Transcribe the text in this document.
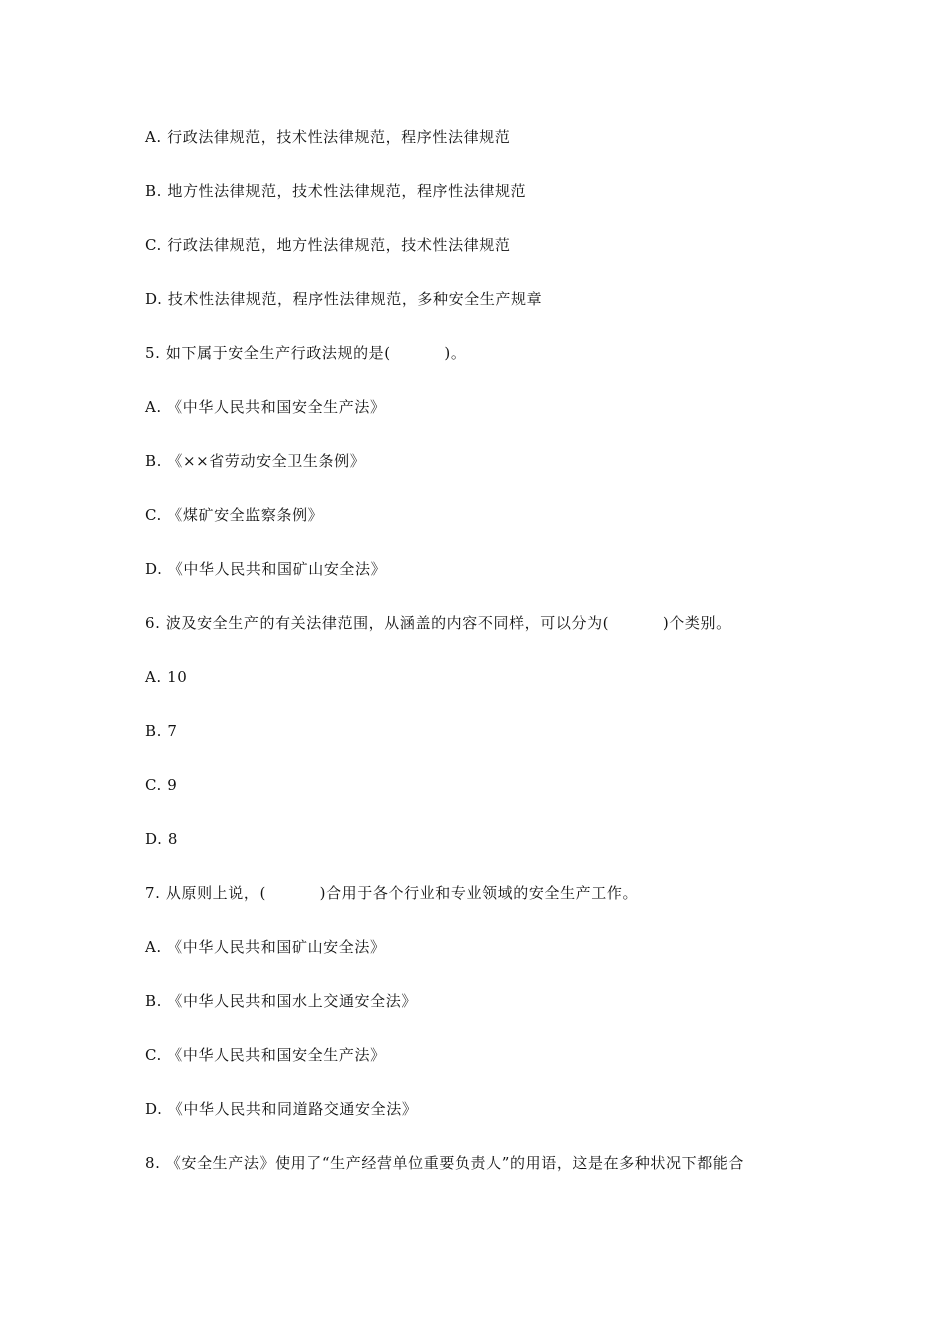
A. 行政法律规范，技术性法律规范，程序性法律规范
B. 地方性法律规范，技术性法律规范，程序性法律规范
C. 行政法律规范，地方性法律规范，技术性法律规范
D. 技术性法律规范，程序性法律规范，多种安全生产规章
5. 如下属于安全生产行政法规的是(          )。
A. 《中华人民共和国安全生产法》
B. 《××省劳动安全卫生条例》
C. 《煤矿安全监察条例》
D. 《中华人民共和国矿山安全法》
6. 波及安全生产的有关法律范围，从涵盖的内容不同样，可以分为(          )个类别。
A. 10
B. 7
C. 9
D. 8
7. 从原则上说，(          )合用于各个行业和专业领域的安全生产工作。
A. 《中华人民共和国矿山安全法》
B. 《中华人民共和国水上交通安全法》
C. 《中华人民共和国安全生产法》
D. 《中华人民共和同道路交通安全法》
8. 《安全生产法》使用了“生产经营单位重要负责人”的用语，这是在多种状况下都能合
